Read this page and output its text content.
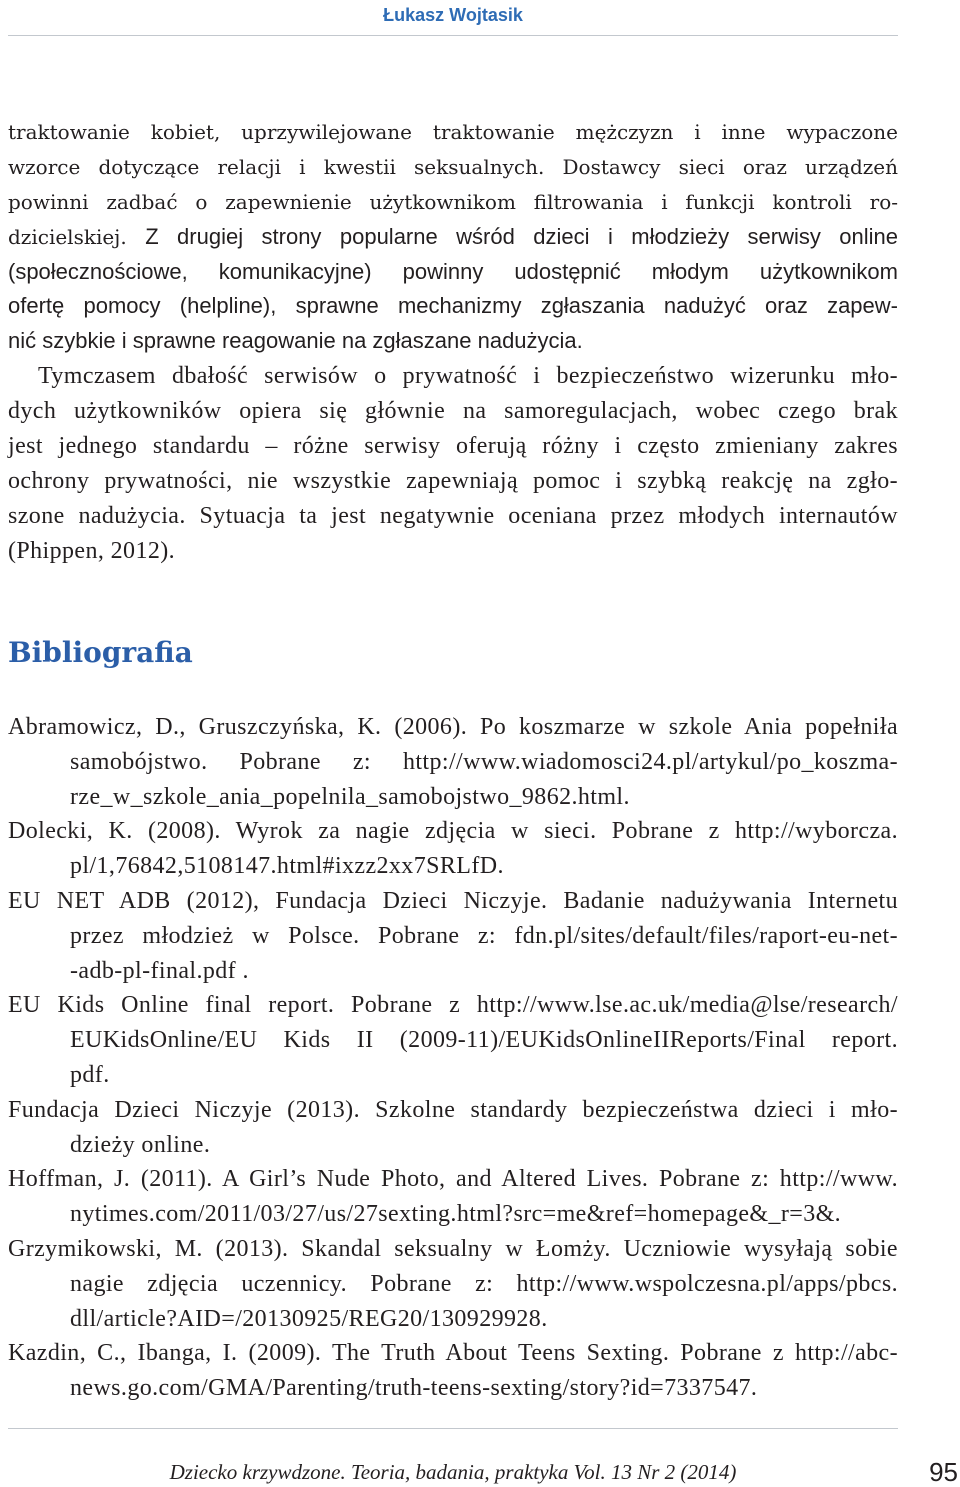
Łukasz Wojtasik
traktowanie kobiet, uprzywilejowane traktowanie mężczyzn i inne wypaczone
wzorce dotyczące relacji i kwestii seksualnych. Dostawcy sieci oraz urządzeń
powinni zadbać o zapewnienie użytkownikom filtrowania i funkcji kontroli ro-
dzicielskiej. Z drugiej strony popularne wśród dzieci i młodzieży serwisy online
(społecznościowe, komunikacyjne) powinny udostępnić młodym użytkownikom
ofertę pomocy (helpline), sprawne mechanizmy zgłaszania nadużyć oraz zapew-
nić szybkie i sprawne reagowanie na zgłaszane nadużycia.
Tymczasem dbałość serwisów o prywatność i bezpieczeństwo wizerunku mło-
dych użytkowników opiera się głównie na samoregulacjach, wobec czego brak
jest jednego standardu – różne serwisy oferują różny i często zmieniany zakres
ochrony prywatności, nie wszystkie zapewniają pomoc i szybką reakcję na zgło-
szone nadużycia. Sytuacja ta jest negatywnie oceniana przez młodych internautów
(Phippen, 2012).
Bibliografia
Abramowicz, D., Gruszczyńska, K. (2006). Po koszmarze w szkole Ania popełniła
samobójstwo. Pobrane z: http://www.wiadomosci24.pl/artykul/po_koszma-
rze_w_szkole_ania_popelnila_samobojstwo_9862.html.
Dolecki, K. (2008). Wyrok za nagie zdjęcia w sieci. Pobrane z http://wyborcza.
pl/1,76842,5108147.html#ixzz2xx7SRLfD.
EU NET ADB (2012), Fundacja Dzieci Niczyje. Badanie nadużywania Internetu
przez młodzież w Polsce. Pobrane z: fdn.pl/sites/default/files/raport-eu-net-
-adb-pl-final.pdf .
EU Kids Online final report. Pobrane z http://www.lse.ac.uk/media@lse/research/
EUKidsOnline/EU Kids II (2009-11)/EUKidsOnlineIIReports/Final report.
pdf.
Fundacja Dzieci Niczyje (2013). Szkolne standardy bezpieczeństwa dzieci i mło-
dzieży online.
Hoffman, J. (2011). A Girl’s Nude Photo, and Altered Lives. Pobrane z: http://www.
nytimes.com/2011/03/27/us/27sexting.html?src=me&ref=homepage&_r=3&.
Grzymikowski, M. (2013). Skandal seksualny w Łomży. Uczniowie wysyłają sobie
nagie zdjęcia uczennicy. Pobrane z: http://www.wspolczesna.pl/apps/pbcs.
dll/article?AID=/20130925/REG20/130929928.
Kazdin, C., Ibanga, I. (2009). The Truth About Teens Sexting. Pobrane z http://abc-
news.go.com/GMA/Parenting/truth-teens-sexting/story?id=7337547.
Dziecko krzywdzone. Teoria, badania, praktyka Vol. 13 Nr 2 (2014)	95
